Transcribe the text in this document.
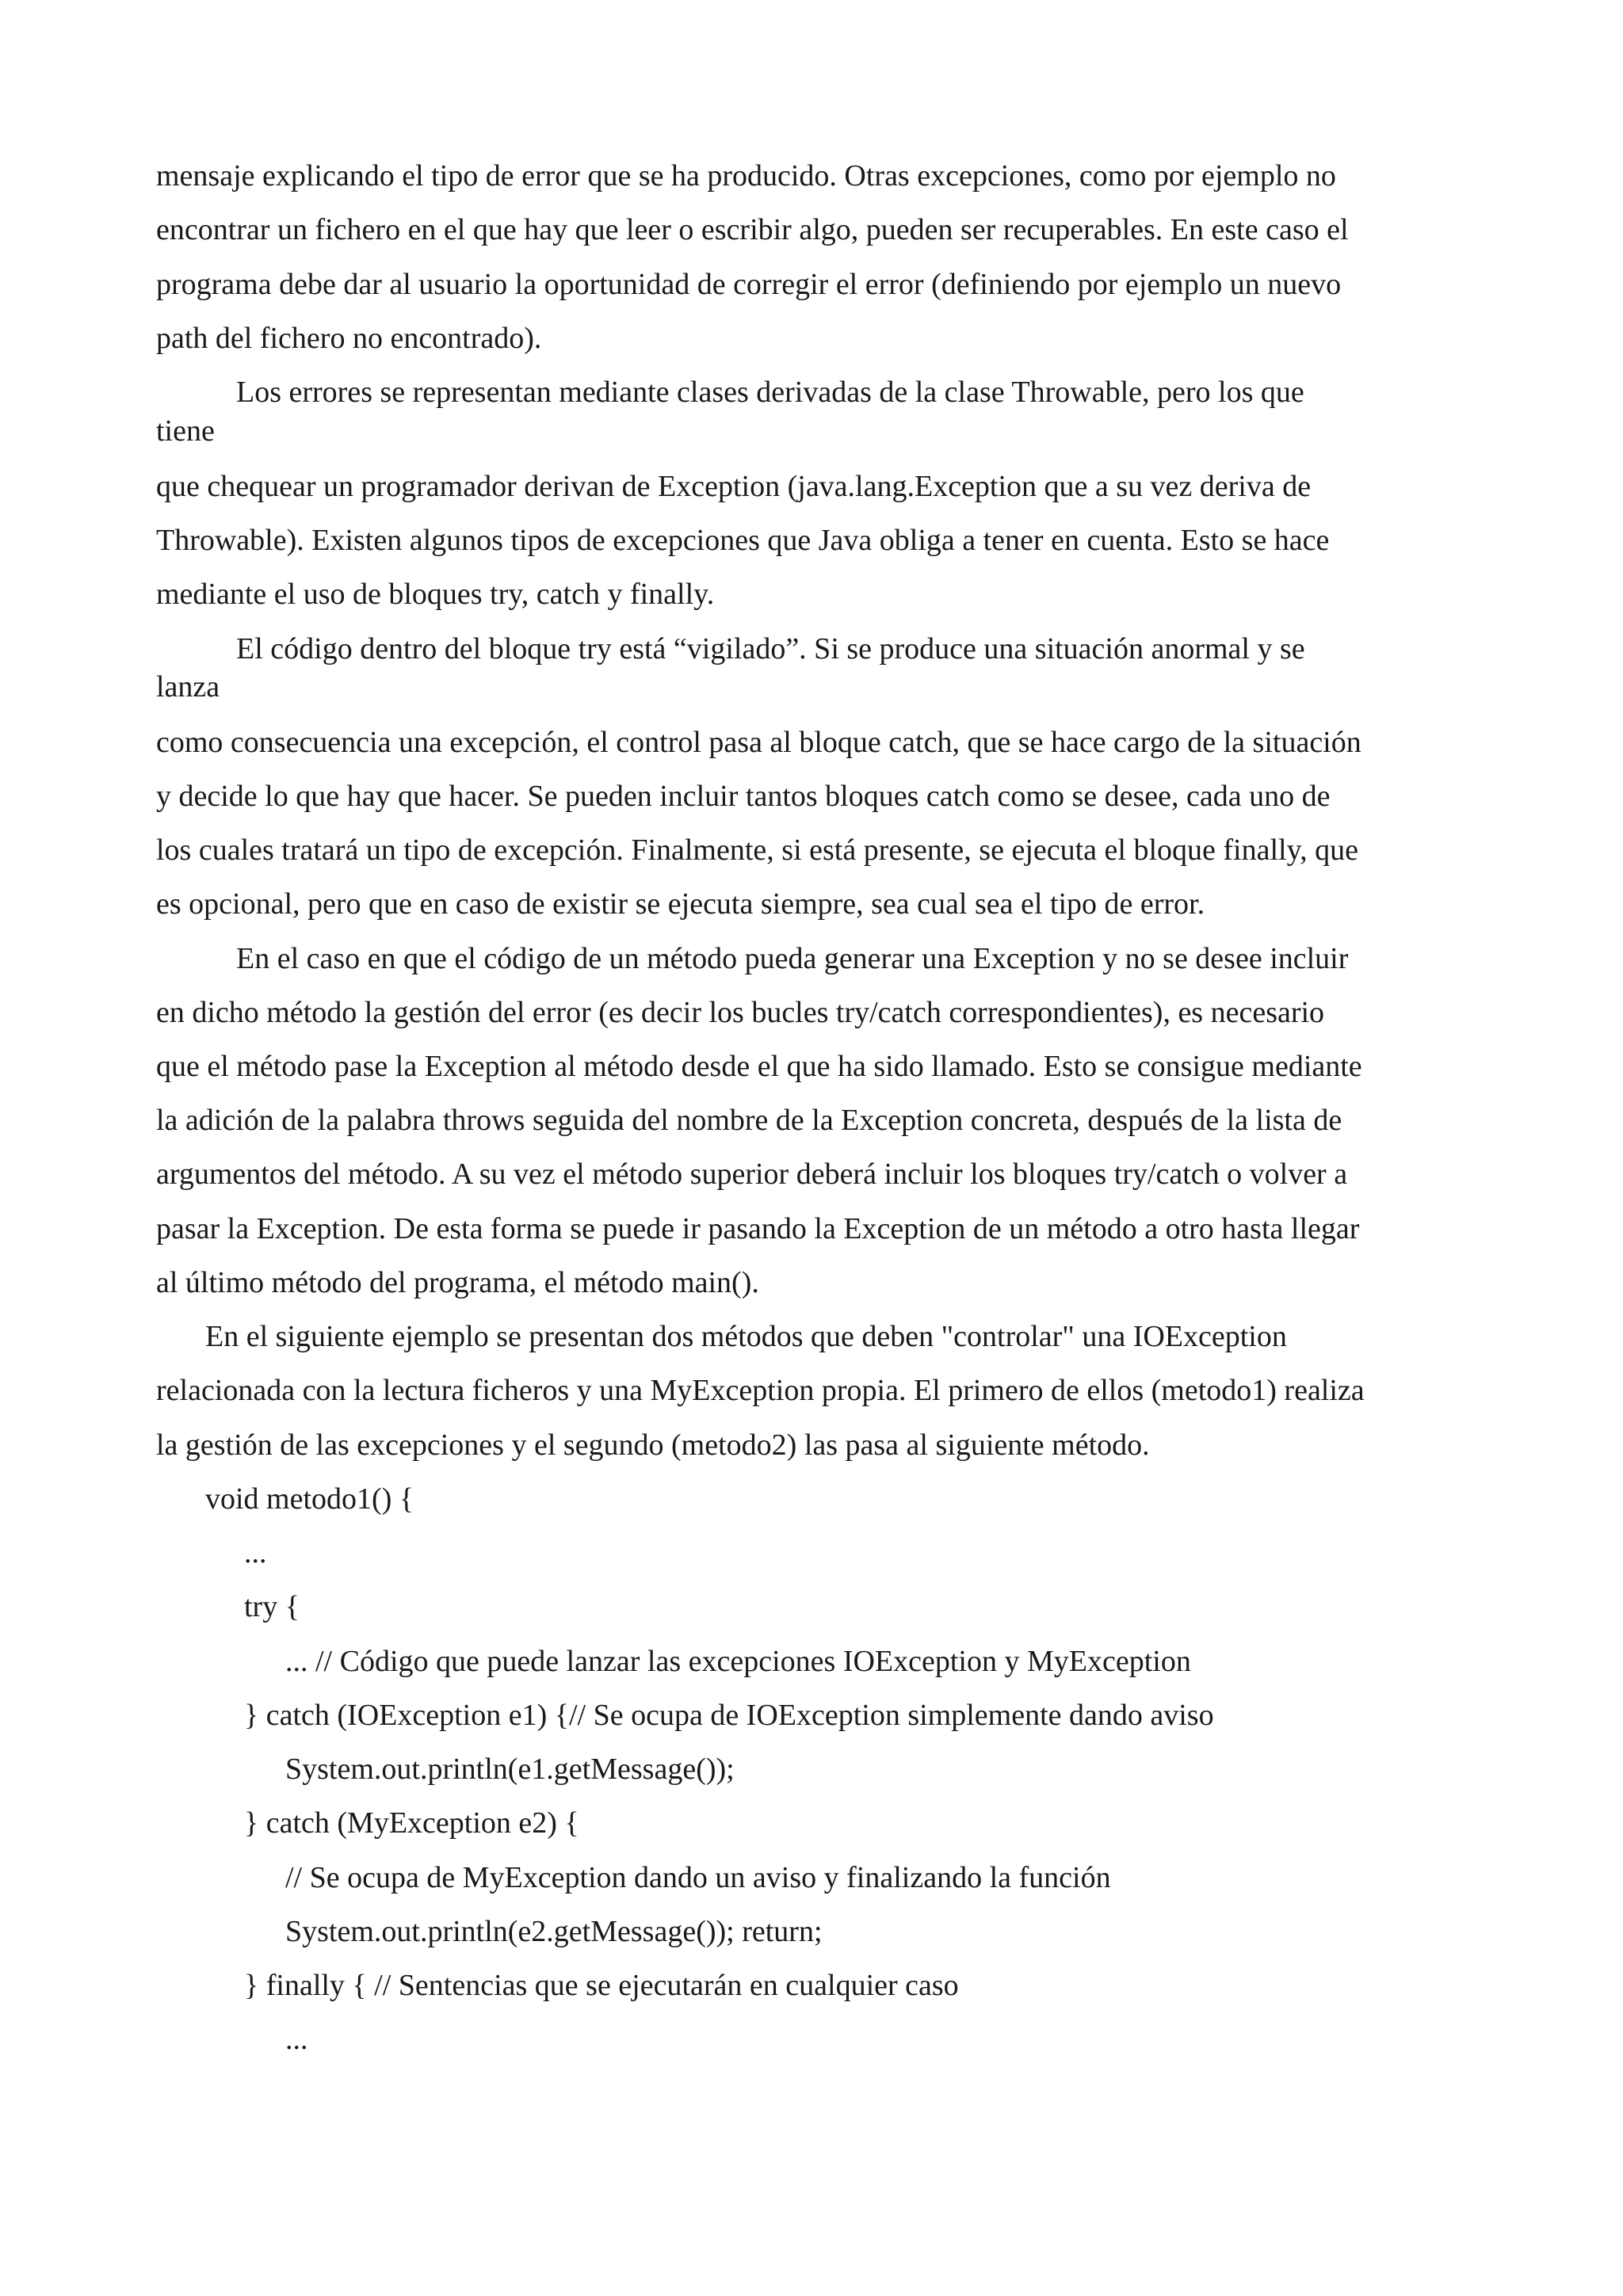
mensaje explicando el tipo de error que se ha producido. Otras excepciones, como por ejemplo no
encontrar un fichero en el que hay que leer o escribir algo, pueden ser recuperables. En este caso el
programa debe dar al usuario la oportunidad de corregir el error (definiendo por ejemplo un nuevo
path del fichero no encontrado).
Los errores se representan mediante clases derivadas de la clase Throwable, pero los que
tiene
que chequear un programador derivan de Exception (java.lang.Exception que a su vez deriva de
Throwable). Existen algunos tipos de excepciones que Java obliga a tener en cuenta. Esto se hace
mediante el uso de bloques try, catch y finally.
El código dentro del bloque try está “vigilado”. Si se produce una situación anormal y se
lanza
como consecuencia una excepción, el control pasa al bloque catch, que se hace cargo de la situación
y decide lo que hay que hacer. Se pueden incluir tantos bloques catch como se desee, cada uno de
los cuales tratará un tipo de excepción. Finalmente, si está presente, se ejecuta el bloque finally, que
es opcional, pero que en caso de existir se ejecuta siempre, sea cual sea el tipo de error.
En el caso en que el código de un método pueda generar una Exception y no se desee incluir
en dicho método la gestión del error (es decir los bucles try/catch correspondientes), es necesario
que el método pase la Exception al método desde el que ha sido llamado. Esto se consigue mediante
la adición de la palabra throws seguida del nombre de la Exception concreta, después de la lista de
argumentos del método. A su vez el método superior deberá incluir los bloques try/catch o volver a
pasar la Exception. De esta forma se puede ir pasando la Exception de un método a otro hasta llegar
al último método del programa, el método main().
En el siguiente ejemplo se presentan dos métodos que deben "controlar" una IOException
relacionada con la lectura ficheros y una MyException propia. El primero de ellos (metodo1) realiza
la gestión de las excepciones y el segundo (metodo2) las pasa al siguiente método.
void metodo1() {
...
try {
... // Código que puede lanzar las excepciones IOException y MyException
} catch (IOException e1) {// Se ocupa de IOException simplemente dando aviso
System.out.println(e1.getMessage());
} catch (MyException e2) {
// Se ocupa de MyException dando un aviso y finalizando la función
System.out.println(e2.getMessage()); return;
} finally { // Sentencias que se ejecutarán en cualquier caso
...
